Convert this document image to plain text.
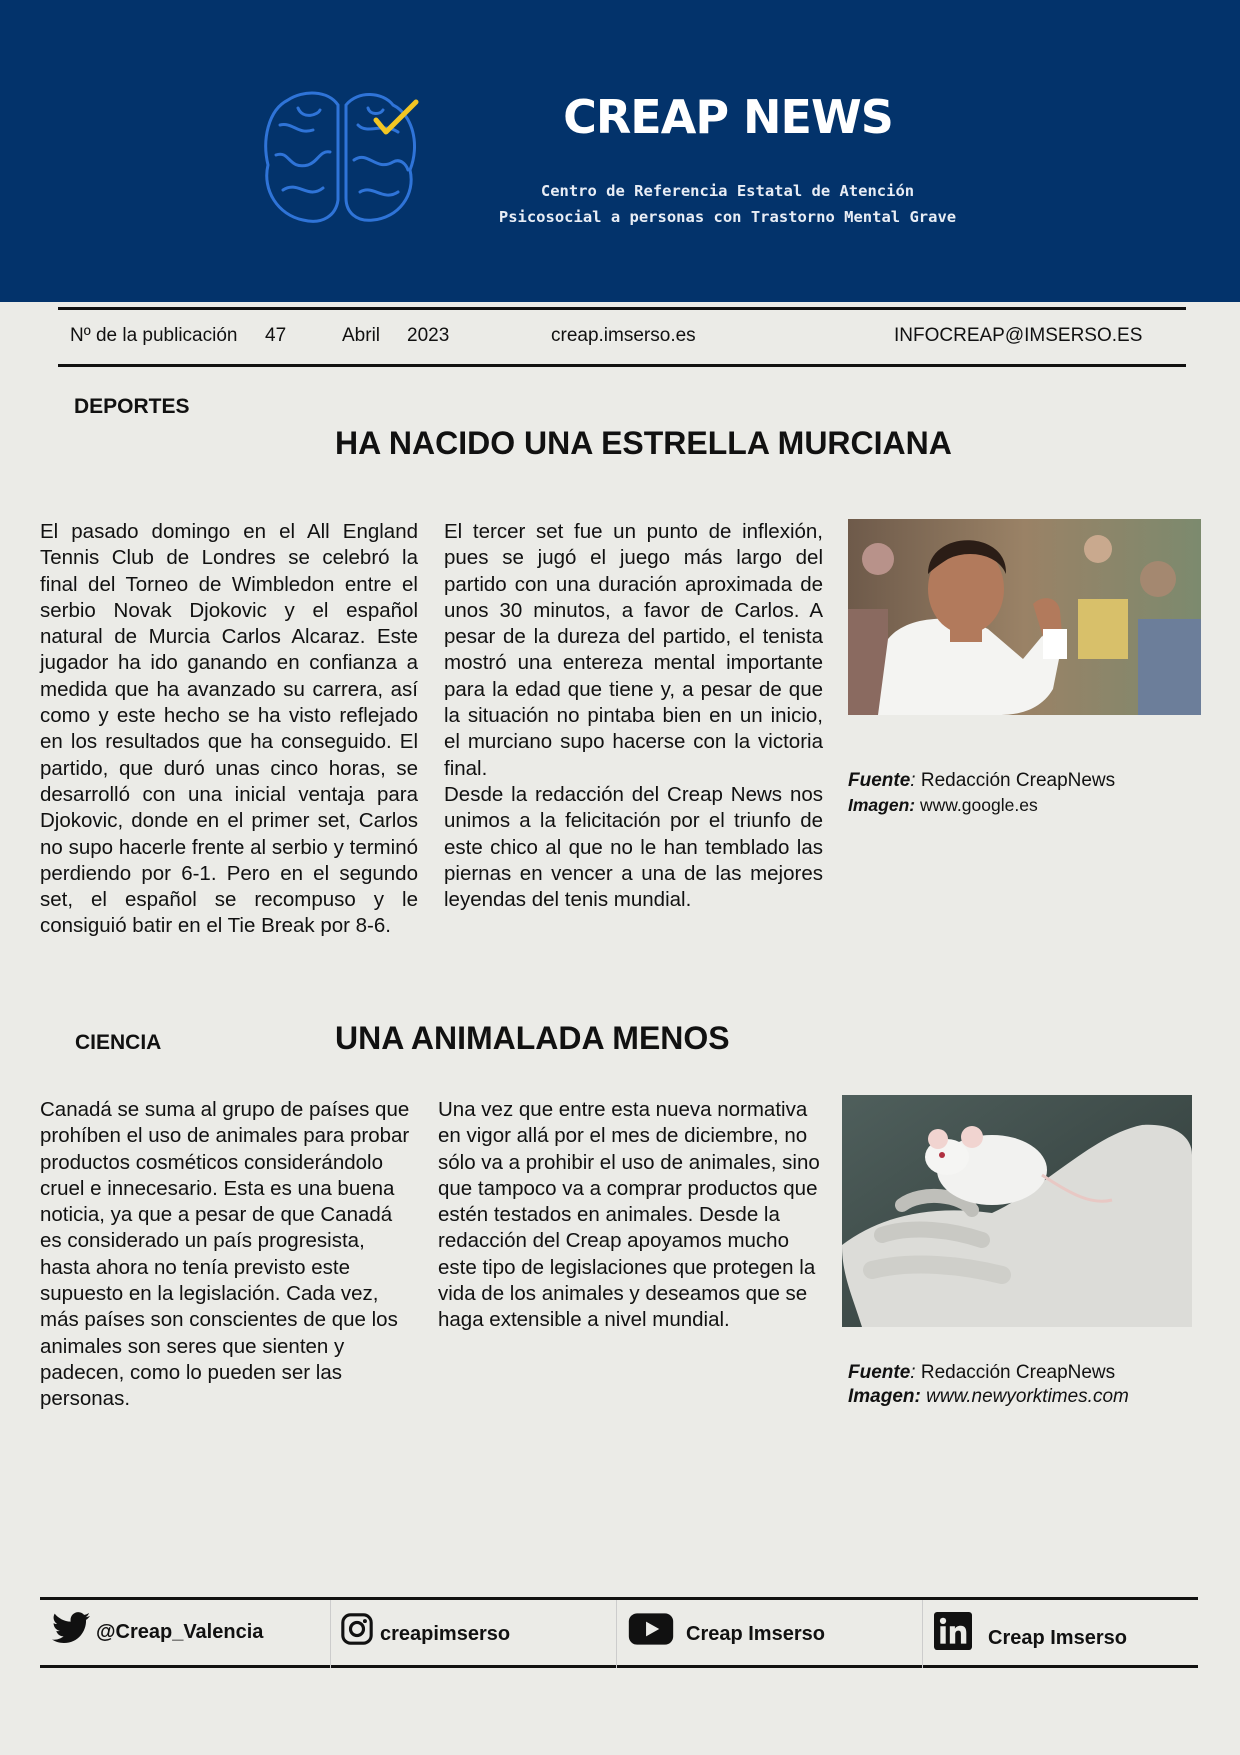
CREAP NEWS
Centro de Referencia Estatal de Atención
Psicosocial a personas con Trastorno Mental Grave
Nº de la publicación 47	Abril 2023	creap.imserso.es	INFOCREAP@IMSERSO.ES
DEPORTES
HA NACIDO UNA ESTRELLA MURCIANA

El pasado domingo en el All England Tennis Club de Londres se celebró la final del Torneo de Wimbledon entre el serbio Novak Djokovic y el español natural de Murcia Carlos Alcaraz. Este jugador ha ido ganando en confianza a medida que ha avanzado su carrera, así como y este hecho se ha visto reflejado en los resultados que ha conseguido. El partido, que duró unas cinco horas, se desarrolló con una inicial ventaja para Djokovic, donde en el primer set, Carlos no supo hacerle frente al serbio y terminó perdiendo por 6-1. Pero en el segundo set, el español se recompuso y le consiguió batir en el Tie Break por 8-6.

El tercer set fue un punto de inflexión, pues se jugó el juego más largo del partido con una duración aproximada de unos 30 minutos, a favor de Carlos. A pesar de la dureza del partido, el tenista mostró una entereza mental importante para la edad que tiene y, a pesar de que la situación no pintaba bien en un inicio, el murciano supo hacerse con la victoria final.

Desde la redacción del Creap News nos unimos a la felicitación por el triunfo de este chico al que no le han temblado las piernas en vencer a una de las mejores leyendas del tenis mundial.

Fuente: Redacción CreapNews
Imagen: www.google.es
CIENCIA	UNA ANIMALADA MENOS

Canadá se suma al grupo de países que prohíben el uso de animales para probar productos cosméticos considerándolo cruel e innecesario. Esta es una buena noticia, ya que a pesar de que Canadá es considerado un país progresista, hasta ahora no tenía previsto este supuesto en la legislación. Cada vez, más países son conscientes de que los animales son seres que sienten y padecen, como lo pueden ser las personas.

Una vez que entre esta nueva normativa en vigor allá por el mes de diciembre, no sólo va a prohibir el uso de animales, sino que tampoco va a comprar productos que estén testados en animales. Desde la redacción del Creap apoyamos mucho este tipo de legislaciones que protegen la vida de los animales y deseamos que se haga extensible a nivel mundial.

Fuente: Redacción CreapNews
Imagen: www.newyorktimes.com
@Creap_Valencia	creapimserso	Creap Imserso	Creap Imserso
